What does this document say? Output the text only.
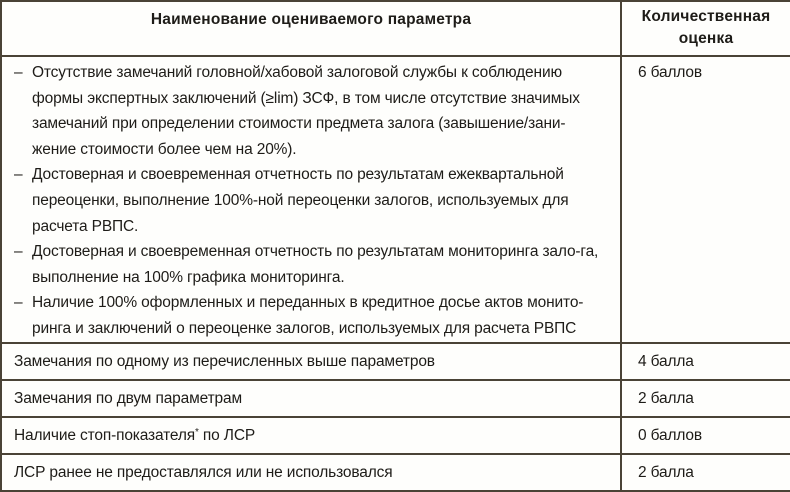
Наименование оцениваемого параметра	Количественная оценка

– Отсутствие замечаний головной/хабовой залоговой службы к соблюдению формы экспертных заключений (≥lim) ЗСФ, в том числе отсутствие значимых замечаний при определении стоимости предмета залога (завышение/зани-жение стоимости более чем на 20%).
– Достоверная и своевременная отчетность по результатам ежеквартальной переоценки, выполнение 100%-ной переоценки залогов, используемых для расчета РВПС.
– Достоверная и своевременная отчетность по результатам мониторинга зало-га, выполнение на 100% графика мониторинга.
– Наличие 100% оформленных и переданных в кредитное досье актов монито-ринга и заключений о переоценке залогов, используемых для расчета РВПС	6 баллов
Замечания по одному из перечисленных выше параметров	4 балла
Замечания по двум параметрам	2 балла
Наличие стоп-показателя* по ЛСР	0 баллов
ЛСР ранее не предоставлялся или не использовался	2 балла
